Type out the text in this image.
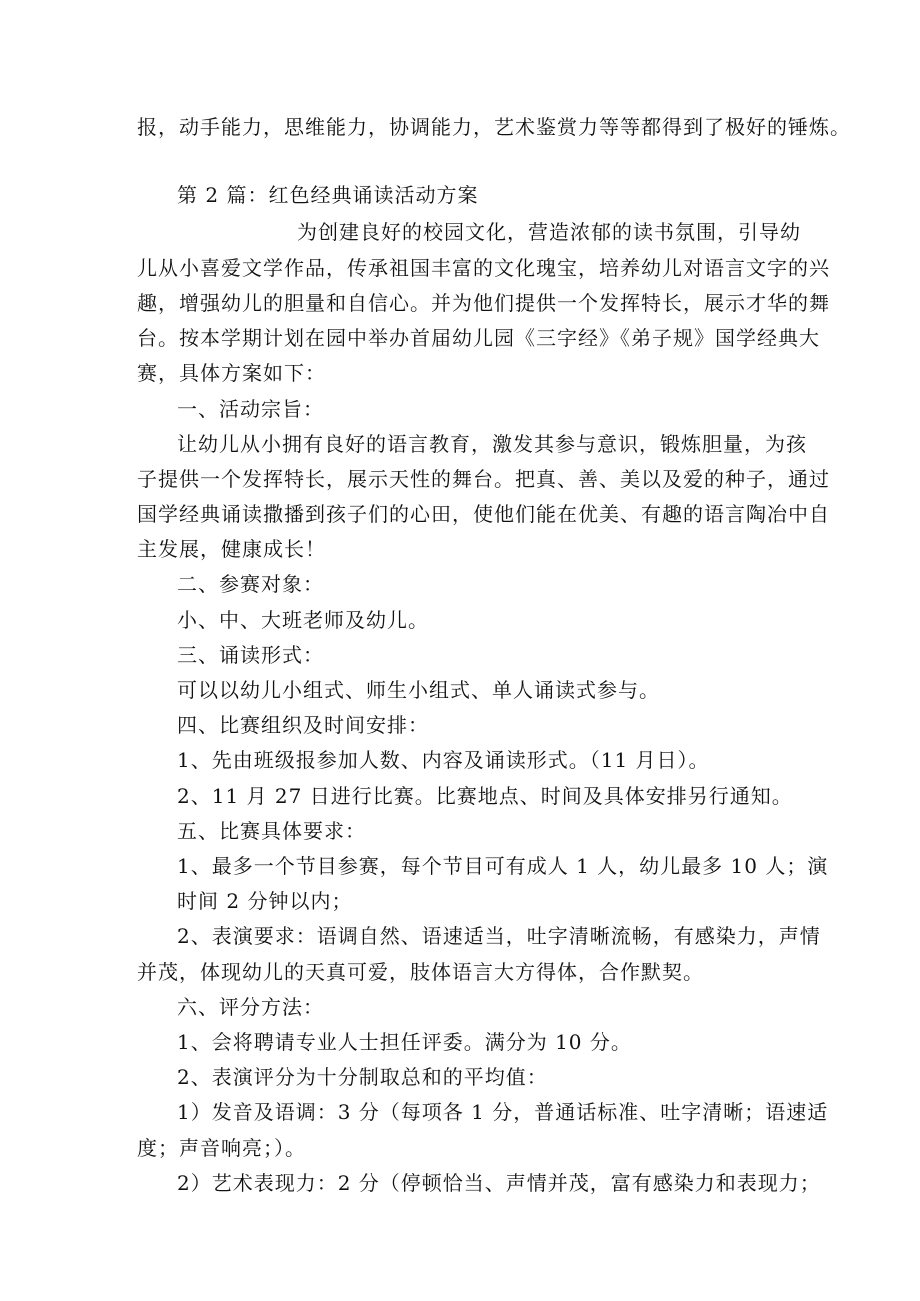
报，动手能力，思维能力，协调能力，艺术鉴赏力等等都得到了极好的锤炼。
第 2 篇：红色经典诵读活动方案
为创建良好的校园文化，营造浓郁的读书氛围，引导幼
儿从小喜爱文学作品，传承祖国丰富的文化瑰宝，培养幼儿对语言文字的兴
趣，增强幼儿的胆量和自信心。并为他们提供一个发挥特长，展示才华的舞
台。按本学期计划在园中举办首届幼儿园《三字经》《弟子规》国学经典大
赛，具体方案如下：
一、活动宗旨：
让幼儿从小拥有良好的语言教育，激发其参与意识，锻炼胆量，为孩
子提供一个发挥特长，展示天性的舞台。把真、善、美以及爱的种子，通过
国学经典诵读撒播到孩子们的心田，使他们能在优美、有趣的语言陶冶中自
主发展，健康成长！
二、参赛对象：
小、中、大班老师及幼儿。
三、诵读形式：
可以以幼儿小组式、师生小组式、单人诵读式参与。
四、比赛组织及时间安排：
1、先由班级报参加人数、内容及诵读形式。（11 月日）。
2、11 月 27 日进行比赛。比赛地点、时间及具体安排另行通知。
五、比赛具体要求：
1、最多一个节目参赛，每个节目可有成人 1 人，幼儿最多 10 人；演
时间 2 分钟以内；
2、表演要求：语调自然、语速适当，吐字清晰流畅，有感染力，声情
并茂，体现幼儿的天真可爱，肢体语言大方得体，合作默契。
六、评分方法：
1、会将聘请专业人士担任评委。满分为 10 分。
2、表演评分为十分制取总和的平均值：
1）发音及语调：3 分（每项各 1 分，普通话标准、吐字清晰；语速适
度；声音响亮；）。
2）艺术表现力：2 分（停顿恰当、声情并茂，富有感染力和表现力；
